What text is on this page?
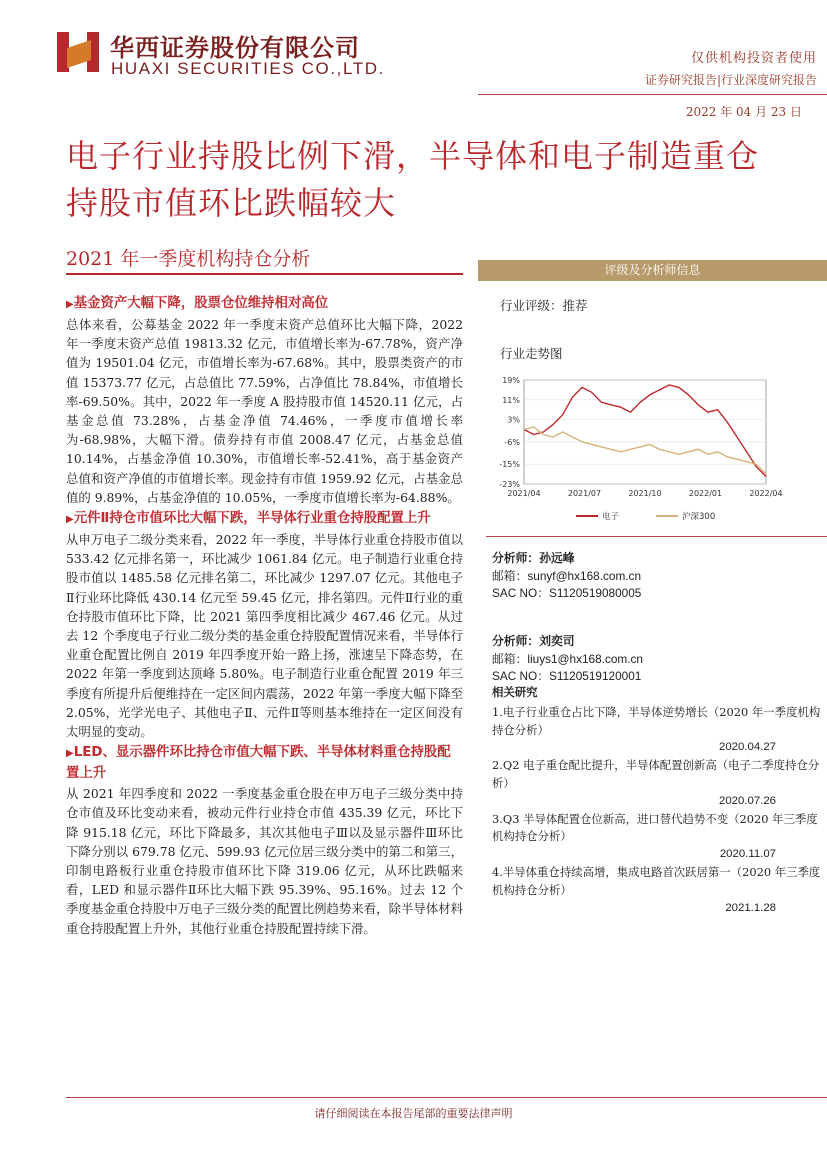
华西证券股份有限公司
HUAXI SECURITIES CO.,LTD.
仅供机构投资者使用
证券研究报告|行业深度研究报告
2022 年 04 月 23 日
电子行业持股比例下滑，半导体和电子制造重仓持股市值环比跌幅较大
2021 年一季度机构持仓分析
▶基金资产大幅下降，股票仓位维持相对高位

总体来看，公募基金 2022 年一季度末资产总值环比大幅下降，2022 年一季度末资产总值 19813.32 亿元，市值增长率为-67.78%，资产净值为 19501.04 亿元，市值增长率为-67.68%。其中，股票类资产的市值 15373.77 亿元，占总值比 77.59%，占净值比 78.84%，市值增长率-69.50%。其中，2022 年一季度 A 股持股市值 14520.11 亿元，占基金总值 73.28%，占基金净值 74.46%，一季度市值增长率为-68.98%，大幅下滑。债券持有市值 2008.47 亿元，占基金总值 10.14%，占基金净值 10.30%，市值增长率-52.41%，高于基金资产总值和资产净值的市值增长率。现金持有市值 1959.92 亿元，占基金总值的 9.89%，占基金净值的 10.05%，一季度市值增长率为-64.88%。

▶元件Ⅱ持仓市值环比大幅下跌，半导体行业重仓持股配置上升

从申万电子二级分类来看，2022 年一季度，半导体行业重仓持股市值以 533.42 亿元排名第一，环比减少 1061.84 亿元。电子制造行业重仓持股市值以 1485.58 亿元排名第二，环比减少 1297.07 亿元。其他电子Ⅱ行业环比降低 430.14 亿元至 59.45 亿元，排名第四。元件Ⅱ行业的重仓持股市值环比下降，比 2021 第四季度相比减少 467.46 亿元。从过去 12 个季度电子行业二级分类的基金重仓持股配置情况来看，半导体行业重仓配置比例自 2019 年四季度开始一路上扬，涨速呈下降态势，在 2022 年第一季度到达顶峰 5.80%。电子制造行业重仓配置 2019 年三季度有所提升后便维持在一定区间内震荡，2022 年第一季度大幅下降至 2.05%，光学光电子、其他电子Ⅱ、元件Ⅱ等则基本维持在一定区间没有太明显的变动。

▶LED、显示器件环比持仓市值大幅下跌、半导体材料重仓持股配置上升

从 2021 年四季度和 2022 一季度基金重仓股在申万电子三级分类中持仓市值及环比变动来看，被动元件行业持仓市值 435.39 亿元，环比下降 915.18 亿元，环比下降最多，其次其他电子Ⅲ以及显示器件Ⅲ环比下降分别以 679.78 亿元、599.93 亿元位居三级分类中的第二和第三，印制电路板行业重仓持股市值环比下降 319.06 亿元，从环比跌幅来看，LED 和显示器件Ⅱ环比大幅下跌 95.39%、95.16%。过去 12 个季度基金重仓持股中万电子三级分类的配置比例趋势来看，除半导体材料重仓持股配置上升外，其他行业重仓持股配置持续下滑。

评级及分析师信息
行业评级：推荐
行业走势图
19%
11%
3%
-6%
-15%
-23%
2021/04	2021/07	2021/10	2022/01	2022/04
电子	沪深300
分析师：孙远峰
邮箱：sunyf@hx168.com.cn
SAC NO：S1120519080005
分析师：刘奕司
邮箱：liuys1@hx168.com.cn
SAC NO：S1120519120001
相关研究
1.电子行业重仓占比下降，半导体逆势增长（2020 年一季度机构持仓分析）
2020.04.27
2.Q2 电子重仓配比提升，半导体配置创新高（电子二季度持仓分析）
2020.07.26
3.Q3 半导体配置仓位新高，进口替代趋势不变（2020 年三季度机构持仓分析）
2020.11.07
4.半导体重仓持续高增，集成电路首次跃居第一（2020 年三季度机构持仓分析）
2021.1.28
请仔细阅读在本报告尾部的重要法律声明
